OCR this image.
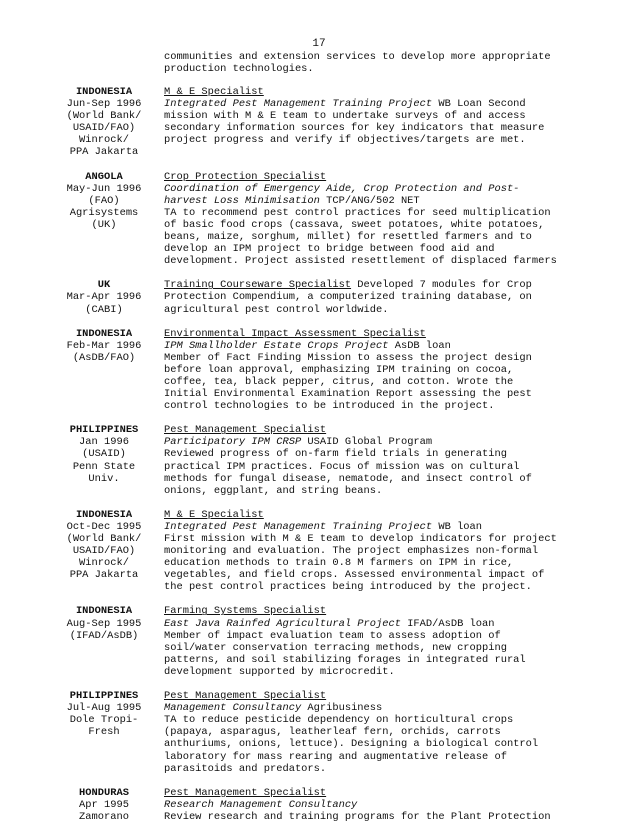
17
communities and extension services to develop more appropriate
production technologies.
INDONESIA
Jun-Sep 1996
(World Bank/
USAID/FAO)
Winrock/
PPA Jakarta
M & E Specialist
Integrated Pest Management Training Project WB Loan Second
mission with M & E team to undertake surveys of and access
secondary information sources for key indicators that measure
project progress and verify if objectives/targets are met.
ANGOLA
May-Jun 1996
(FAO)
Agrisystems
(UK)
Crop Protection Specialist
Coordination of Emergency Aide, Crop Protection and Post-
harvest Loss Minimisation TCP/ANG/502 NET
TA to recommend pest control practices for seed multiplication
of basic food crops (cassava, sweet potatoes, white potatoes,
beans, maize, sorghum, millet) for resettled farmers and to
develop an IPM project to bridge between food aid and
development. Project assisted resettlement of displaced farmers
UK
Mar-Apr 1996
(CABI)
Training Courseware Specialist Developed 7 modules for Crop
Protection Compendium, a computerized training database, on
agricultural pest control worldwide.
INDONESIA
Feb-Mar 1996
(AsDB/FAO)
Environmental Impact Assessment Specialist
IPM Smallholder Estate Crops Project AsDB loan
Member of Fact Finding Mission to assess the project design
before loan approval, emphasizing IPM training on cocoa,
coffee, tea, black pepper, citrus, and cotton. Wrote the
Initial Environmental Examination Report assessing the pest
control technologies to be introduced in the project.
PHILIPPINES
Jan 1996
(USAID)
Penn State
Univ.
Pest Management Specialist
Participatory IPM CRSP USAID Global Program
Reviewed progress of on-farm field trials in generating
practical IPM practices. Focus of mission was on cultural
methods for fungal disease, nematode, and insect control of
onions, eggplant, and string beans.
INDONESIA
Oct-Dec 1995
(World Bank/
USAID/FAO)
Winrock/
PPA Jakarta
M & E Specialist
Integrated Pest Management Training Project WB loan
First mission with M & E team to develop indicators for project
monitoring and evaluation. The project emphasizes non-formal
education methods to train 0.8 M farmers on IPM in rice,
vegetables, and field crops. Assessed environmental impact of
the pest control practices being introduced by the project.
INDONESIA
Aug-Sep 1995
(IFAD/AsDB)
Farming Systems Specialist
East Java Rainfed Agricultural Project IFAD/AsDB loan
Member of impact evaluation team to assess adoption of
soil/water conservation terracing methods, new cropping
patterns, and soil stabilizing forages in integrated rural
development supported by microcredit.
PHILIPPINES
Jul-Aug 1995
Dole Tropi-
Fresh
Pest Management Specialist
Management Consultancy Agribusiness
TA to reduce pesticide dependency on horticultural crops
(papaya, asparagus, leatherleaf fern, orchids, carrots
anthuriums, onions, lettuce). Designing a biological control
laboratory for mass rearing and augmentative release of
parasitoids and predators.
HONDURAS
Apr 1995
Zamorano
Pest Management Specialist
Research Management Consultancy
Review research and training programs for the Plant Protection
